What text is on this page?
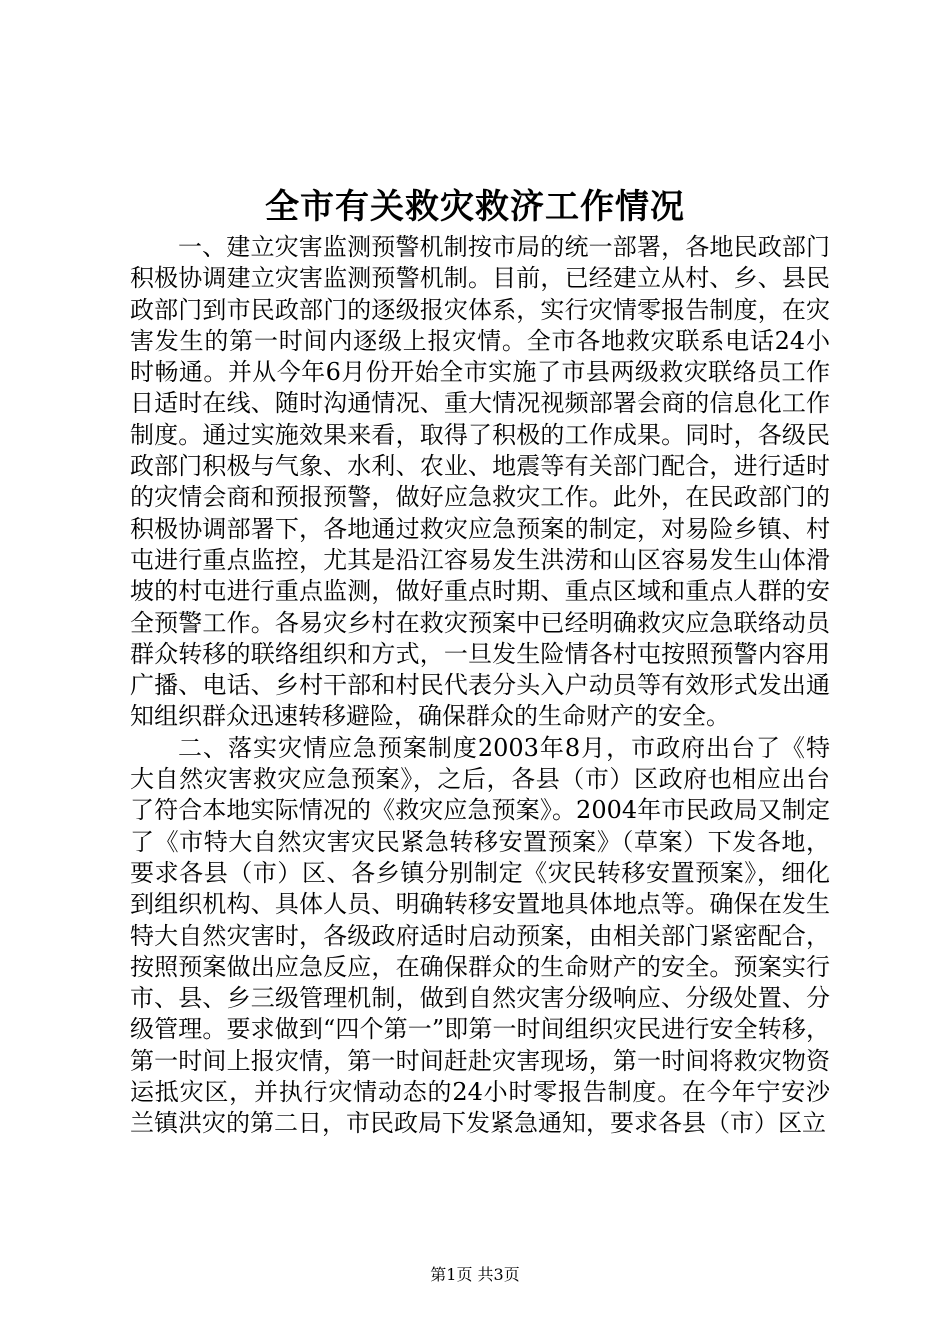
全市有关救灾救济工作情况

一、建立灾害监测预警机制按市局的统一部署，各地民政部门积极协调建立灾害监测预警机制。目前，已经建立从村、乡、县民政部门到市民政部门的逐级报灾体系，实行灾情零报告制度，在灾害发生的第一时间内逐级上报灾情。全市各地救灾联系电话24小时畅通。并从今年6月份开始全市实施了市县两级救灾联络员工作日适时在线、随时沟通情况、重大情况视频部署会商的信息化工作制度。通过实施效果来看，取得了积极的工作成果。同时，各级民政部门积极与气象、水利、农业、地震等有关部门配合，进行适时的灾情会商和预报预警，做好应急救灾工作。此外，在民政部门的积极协调部署下，各地通过救灾应急预案的制定，对易险乡镇、村屯进行重点监控，尤其是沿江容易发生洪涝和山区容易发生山体滑坡的村屯进行重点监测，做好重点时期、重点区域和重点人群的安全预警工作。各易灾乡村在救灾预案中已经明确救灾应急联络动员群众转移的联络组织和方式，一旦发生险情各村屯按照预警内容用广播、电话、乡村干部和村民代表分头入户动员等有效形式发出通知组织群众迅速转移避险，确保群众的生命财产的安全。

二、落实灾情应急预案制度2003年8月，市政府出台了《特大自然灾害救灾应急预案》，之后，各县（市）区政府也相应出台了符合本地实际情况的《救灾应急预案》。2004年市民政局又制定了《市特大自然灾害灾民紧急转移安置预案》（草案）下发各地，要求各县（市）区、各乡镇分别制定《灾民转移安置预案》，细化到组织机构、具体人员、明确转移安置地具体地点等。确保在发生特大自然灾害时，各级政府适时启动预案，由相关部门紧密配合，按照预案做出应急反应，在确保群众的生命财产的安全。预案实行市、县、乡三级管理机制，做到自然灾害分级响应、分级处置、分级管理。要求做到“四个第一”即第一时间组织灾民进行安全转移，第一时间上报灾情，第一时间赶赴灾害现场，第一时间将救灾物资运抵灾区，并执行灾情动态的24小时零报告制度。在今年宁安沙兰镇洪灾的第二日，市民政局下发紧急通知，要求各县（市）区立

第1页 共3页
